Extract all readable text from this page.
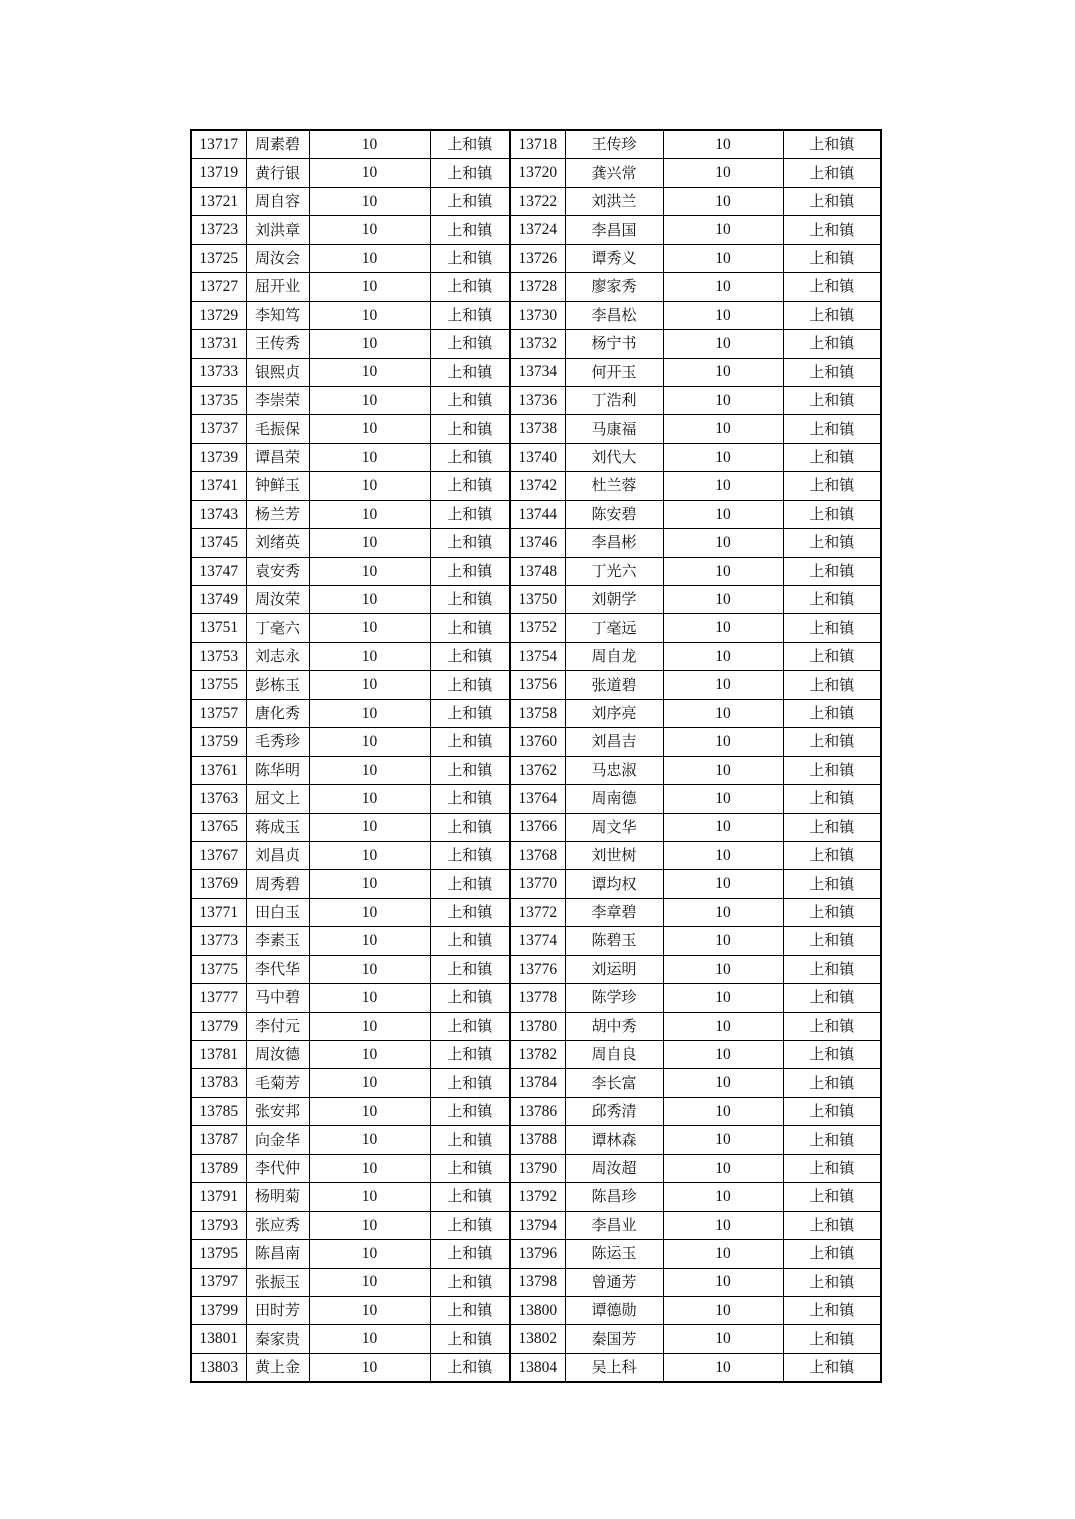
13717	周素碧	10	上和镇	13718	王传珍	10	上和镇
13719	黄行银	10	上和镇	13720	龚兴常	10	上和镇
13721	周自容	10	上和镇	13722	刘洪兰	10	上和镇
13723	刘洪章	10	上和镇	13724	李昌国	10	上和镇
13725	周汝会	10	上和镇	13726	谭秀义	10	上和镇
13727	屈开业	10	上和镇	13728	廖家秀	10	上和镇
13729	李知笃	10	上和镇	13730	李昌松	10	上和镇
13731	王传秀	10	上和镇	13732	杨宁书	10	上和镇
13733	银熙贞	10	上和镇	13734	何开玉	10	上和镇
13735	李崇荣	10	上和镇	13736	丁浩利	10	上和镇
13737	毛振保	10	上和镇	13738	马康福	10	上和镇
13739	谭昌荣	10	上和镇	13740	刘代大	10	上和镇
13741	钟鲜玉	10	上和镇	13742	杜兰蓉	10	上和镇
13743	杨兰芳	10	上和镇	13744	陈安碧	10	上和镇
13745	刘绪英	10	上和镇	13746	李昌彬	10	上和镇
13747	袁安秀	10	上和镇	13748	丁光六	10	上和镇
13749	周汝荣	10	上和镇	13750	刘朝学	10	上和镇
13751	丁毫六	10	上和镇	13752	丁毫远	10	上和镇
13753	刘志永	10	上和镇	13754	周自龙	10	上和镇
13755	彭栋玉	10	上和镇	13756	张道碧	10	上和镇
13757	唐化秀	10	上和镇	13758	刘序亮	10	上和镇
13759	毛秀珍	10	上和镇	13760	刘昌吉	10	上和镇
13761	陈华明	10	上和镇	13762	马忠淑	10	上和镇
13763	屈文上	10	上和镇	13764	周南德	10	上和镇
13765	蒋成玉	10	上和镇	13766	周文华	10	上和镇
13767	刘昌贞	10	上和镇	13768	刘世树	10	上和镇
13769	周秀碧	10	上和镇	13770	谭均权	10	上和镇
13771	田白玉	10	上和镇	13772	李章碧	10	上和镇
13773	李素玉	10	上和镇	13774	陈碧玉	10	上和镇
13775	李代华	10	上和镇	13776	刘运明	10	上和镇
13777	马中碧	10	上和镇	13778	陈学珍	10	上和镇
13779	李付元	10	上和镇	13780	胡中秀	10	上和镇
13781	周汝德	10	上和镇	13782	周自良	10	上和镇
13783	毛菊芳	10	上和镇	13784	李长富	10	上和镇
13785	张安邦	10	上和镇	13786	邱秀清	10	上和镇
13787	向金华	10	上和镇	13788	谭林森	10	上和镇
13789	李代仲	10	上和镇	13790	周汝超	10	上和镇
13791	杨明菊	10	上和镇	13792	陈昌珍	10	上和镇
13793	张应秀	10	上和镇	13794	李昌业	10	上和镇
13795	陈昌南	10	上和镇	13796	陈运玉	10	上和镇
13797	张振玉	10	上和镇	13798	曾通芳	10	上和镇
13799	田时芳	10	上和镇	13800	谭德勋	10	上和镇
13801	秦家贵	10	上和镇	13802	秦国芳	10	上和镇
13803	黄上金	10	上和镇	13804	吴上科	10	上和镇
